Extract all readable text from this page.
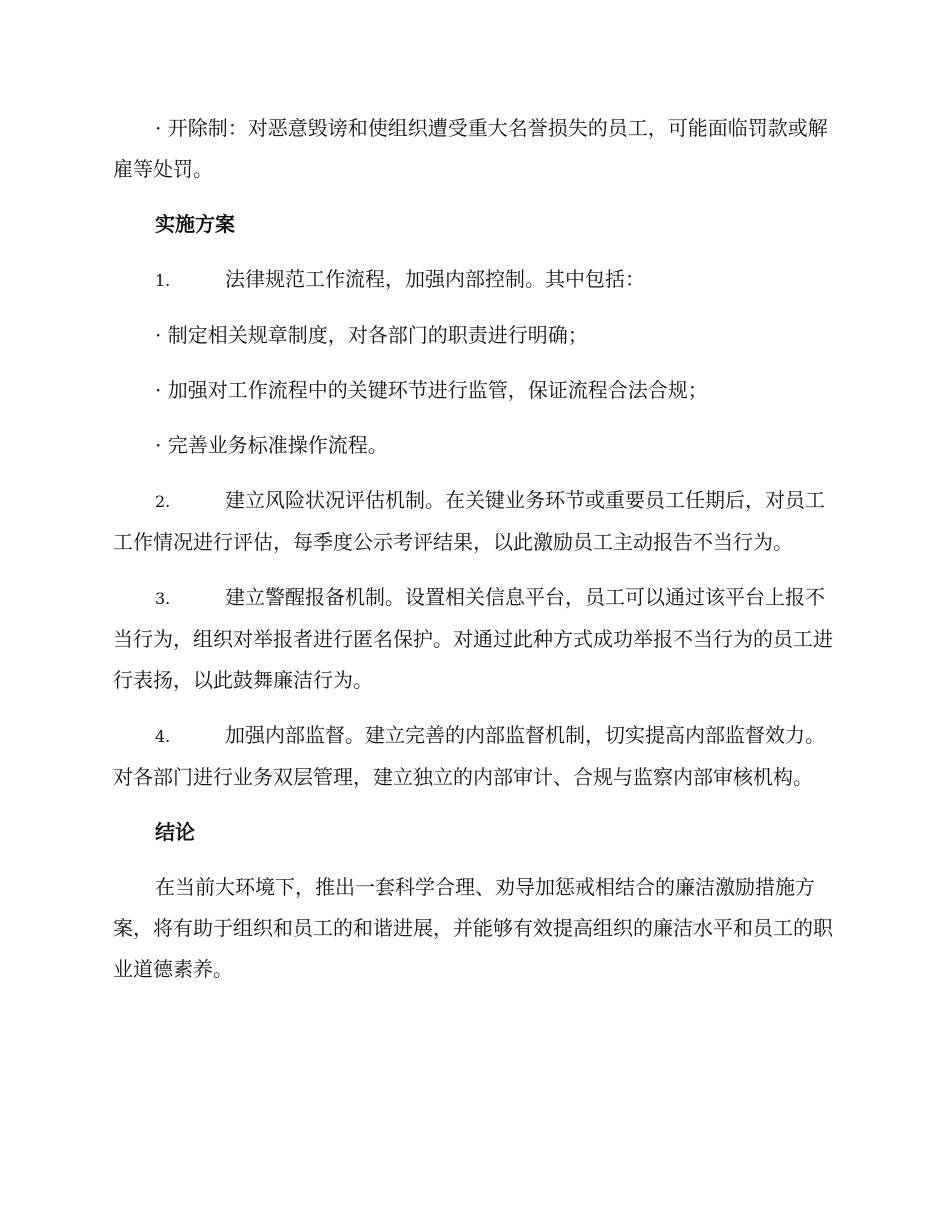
· 开除制：对恶意毁谤和使组织遭受重大名誉损失的员工，可能面临罚款或解雇等处罚。

实施方案

1.	法律规范工作流程，加强内部控制。其中包括：

· 制定相关规章制度，对各部门的职责进行明确；

· 加强对工作流程中的关键环节进行监管，保证流程合法合规；

· 完善业务标准操作流程。

2.	建立风险状况评估机制。在关键业务环节或重要员工任期后，对员工工作情况进行评估，每季度公示考评结果，以此激励员工主动报告不当行为。

3.	建立警醒报备机制。设置相关信息平台，员工可以通过该平台上报不当行为，组织对举报者进行匿名保护。对通过此种方式成功举报不当行为的员工进行表扬，以此鼓舞廉洁行为。

4.	加强内部监督。建立完善的内部监督机制，切实提高内部监督效力。对各部门进行业务双层管理，建立独立的内部审计、合规与监察内部审核机构。

结论

在当前大环境下，推出一套科学合理、劝导加惩戒相结合的廉洁激励措施方案，将有助于组织和员工的和谐进展，并能够有效提高组织的廉洁水平和员工的职业道德素养。
